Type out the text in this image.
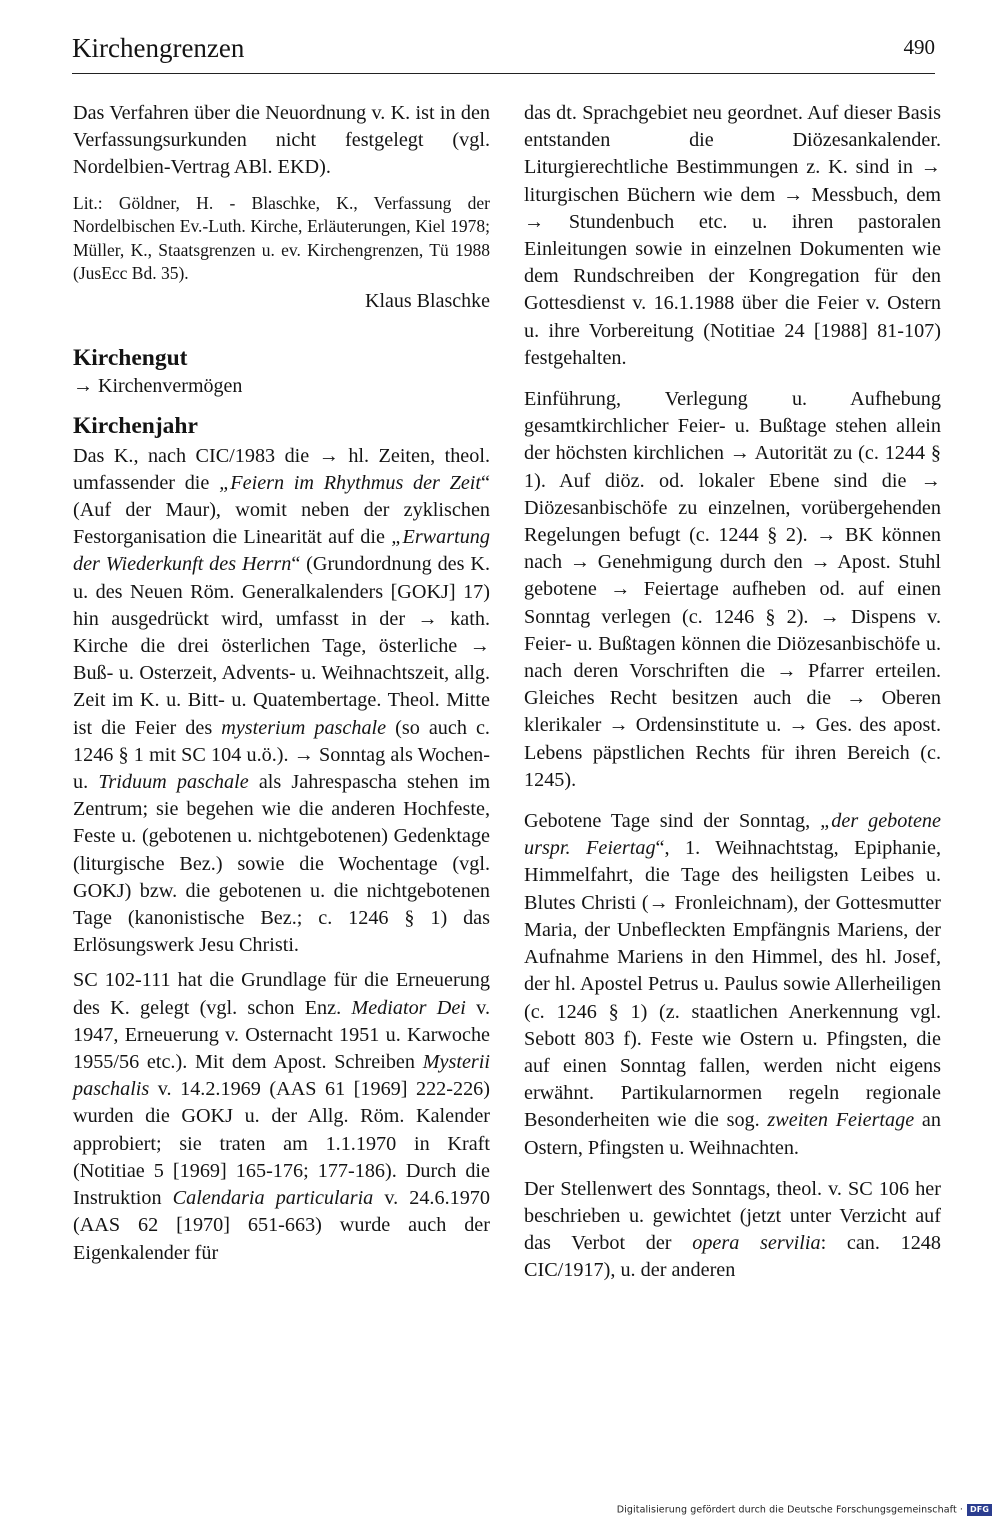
Kirchengrenzen	490

Das Verfahren über die Neuordnung v. K. ist in den Verfassungsurkunden nicht festgelegt (vgl. Nordelbien-Vertrag ABl. EKD).

Lit.: Göldner, H. - Blaschke, K., Verfassung der Nordelbischen Ev.-Luth. Kirche, Erläuterungen, Kiel 1978; Müller, K., Staatsgrenzen u. ev. Kirchengrenzen, Tü 1988 (JusEcc Bd. 35).

Klaus Blaschke

Kirchengut

→ Kirchenvermögen

Kirchenjahr

Das K., nach CIC/1983 die → hl. Zeiten, theol. umfassender die „Feiern im Rhythmus der Zeit“ (Auf der Maur), womit neben der zyklischen Festorganisation die Linearität auf die „Erwartung der Wiederkunft des Herrn“ (Grundordnung des K. u. des Neuen Röm. Generalkalenders [GOKJ] 17) hin ausgedrückt wird, umfasst in der → kath. Kirche die drei österlichen Tage, österliche → Buß- u. Osterzeit, Advents- u. Weihnachtszeit, allg. Zeit im K. u. Bitt- u. Quatembertage. Theol. Mitte ist die Feier des mysterium paschale (so auch c. 1246 § 1 mit SC 104 u.ö.). → Sonntag als Wochen- u. Triduum paschale als Jahrespascha stehen im Zentrum; sie begehen wie die anderen Hochfeste, Feste u. (gebotenen u. nichtgebotenen) Gedenktage (liturgische Bez.) sowie die Wochentage (vgl. GOKJ) bzw. die gebotenen u. die nichtgebotenen Tage (kanonistische Bez.; c. 1246 § 1) das Erlösungswerk Jesu Christi.

SC 102-111 hat die Grundlage für die Erneuerung des K. gelegt (vgl. schon Enz. Mediator Dei v. 1947, Erneuerung v. Osternacht 1951 u. Karwoche 1955/56 etc.). Mit dem Apost. Schreiben Mysterii paschalis v. 14.2.1969 (AAS 61 [1969] 222-226) wurden die GOKJ u. der Allg. Röm. Kalender approbiert; sie traten am 1.1.1970 in Kraft (Notitiae 5 [1969] 165-176; 177-186). Durch die Instruktion Calendaria particularia v. 24.6.1970 (AAS 62 [1970] 651-663) wurde auch der Eigenkalender für

das dt. Sprachgebiet neu geordnet. Auf dieser Basis entstanden die Diözesankalender. Liturgierechtliche Bestimmungen z. K. sind in → liturgischen Büchern wie dem → Messbuch, dem → Stundenbuch etc. u. ihren pastoralen Einleitungen sowie in einzelnen Dokumenten wie dem Rundschreiben der Kongregation für den Gottesdienst v. 16.1.1988 über die Feier v. Ostern u. ihre Vorbereitung (Notitiae 24 [1988] 81-107) festgehalten.

Einführung, Verlegung u. Aufhebung gesamtkirchlicher Feier- u. Bußtage stehen allein der höchsten kirchlichen → Autorität zu (c. 1244 § 1). Auf diöz. od. lokaler Ebene sind die → Diözesanbischöfe zu einzelnen, vorübergehenden Regelungen befugt (c. 1244 § 2). → BK können nach → Genehmigung durch den → Apost. Stuhl gebotene → Feiertage aufheben od. auf einen Sonntag verlegen (c. 1246 § 2). → Dispens v. Feier- u. Bußtagen können die Diözesanbischöfe u. nach deren Vorschriften die → Pfarrer erteilen. Gleiches Recht besitzen auch die → Oberen klerikaler → Ordensinstitute u. → Ges. des apost. Lebens päpstlichen Rechts für ihren Bereich (c. 1245).

Gebotene Tage sind der Sonntag, „der gebotene urspr. Feiertag“, 1. Weihnachtstag, Epiphanie, Himmelfahrt, die Tage des heiligsten Leibes u. Blutes Christi (→ Fronleichnam), der Gottesmutter Maria, der Unbefleckten Empfängnis Mariens, der Aufnahme Mariens in den Himmel, des hl. Josef, der hl. Apostel Petrus u. Paulus sowie Allerheiligen (c. 1246 § 1) (z. staatlichen Anerkennung vgl. Sebott 803 f). Feste wie Ostern u. Pfingsten, die auf einen Sonntag fallen, werden nicht eigens erwähnt. Partikularnormen regeln regionale Besonderheiten wie die sog. zweiten Feiertage an Ostern, Pfingsten u. Weihnachten.

Der Stellenwert des Sonntags, theol. v. SC 106 her beschrieben u. gewichtet (jetzt unter Verzicht auf das Verbot der opera servilia: can. 1248 CIC/1917), u. der anderen

Digitalisierung gefördert durch die Deutsche Forschungsgemeinschaft · DFG
